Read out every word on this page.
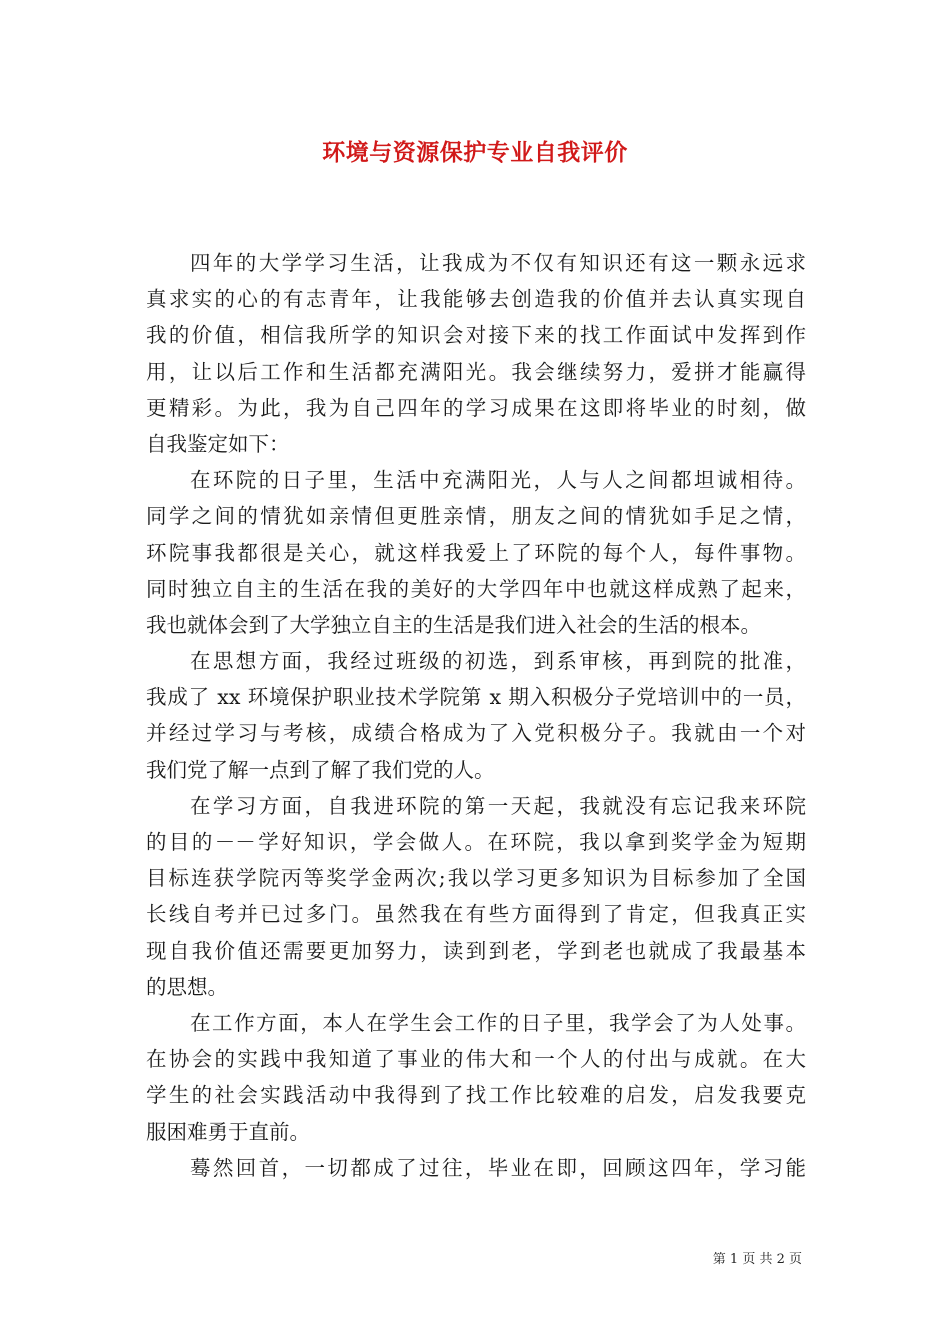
环境与资源保护专业自我评价
四年的大学学习生活，让我成为不仅有知识还有这一颗永远求
真求实的心的有志青年，让我能够去创造我的价值并去认真实现自
我的价值，相信我所学的知识会对接下来的找工作面试中发挥到作
用，让以后工作和生活都充满阳光。我会继续努力，爱拼才能赢得
更精彩。为此，我为自己四年的学习成果在这即将毕业的时刻，做
自我鉴定如下：
在环院的日子里，生活中充满阳光，人与人之间都坦诚相待。
同学之间的情犹如亲情但更胜亲情，朋友之间的情犹如手足之情，
环院事我都很是关心，就这样我爱上了环院的每个人，每件事物。
同时独立自主的生活在我的美好的大学四年中也就这样成熟了起来，
我也就体会到了大学独立自主的生活是我们进入社会的生活的根本。
在思想方面，我经过班级的初选，到系审核，再到院的批准，
我成了 xx 环境保护职业技术学院第 x 期入积极分子党培训中的一员，
并经过学习与考核，成绩合格成为了入党积极分子。我就由一个对
我们党了解一点到了解了我们党的人。
在学习方面，自我进环院的第一天起，我就没有忘记我来环院
的目的－－学好知识，学会做人。在环院，我以拿到奖学金为短期
目标连获学院丙等奖学金两次;我以学习更多知识为目标参加了全国
长线自考并已过多门。虽然我在有些方面得到了肯定，但我真正实
现自我价值还需要更加努力，读到到老，学到老也就成了我最基本
的思想。
在工作方面，本人在学生会工作的日子里，我学会了为人处事。
在协会的实践中我知道了事业的伟大和一个人的付出与成就。在大
学生的社会实践活动中我得到了找工作比较难的启发，启发我要克
服困难勇于直前。
蓦然回首，一切都成了过往，毕业在即，回顾这四年，学习能
第 1 页 共 2 页
